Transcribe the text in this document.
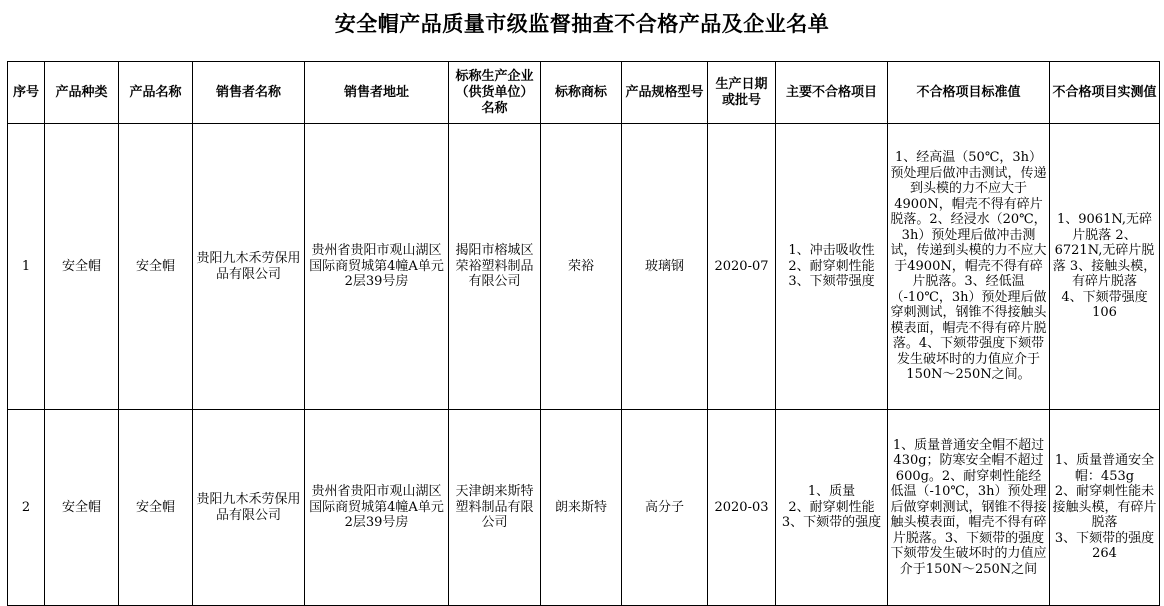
安全帽产品质量市级监督抽查不合格产品及企业名单
序号	产品种类	产品名称	销售者名称	销售者地址	标称生产企业（供货单位）名称	标称商标	产品规格型号	生产日期或批号	主要不合格项目	不合格项目标准值	不合格项目实测值
1	安全帽	安全帽	贵阳九木禾劳保用品有限公司	贵州省贵阳市观山湖区国际商贸城第4幢A单元2层39号房	揭阳市榕城区荣裕塑料制品有限公司	荣裕	玻璃钢	2020-07	1、冲击吸收性
2、耐穿刺性能
3、下颏带强度	1、经高温（50℃，3h）预处理后做冲击测试，传递到头模的力不应大于4900N，帽壳不得有碎片脱落。2、经浸水（20℃，3h）预处理后做冲击测试，传递到头模的力不应大于4900N，帽壳不得有碎片脱落。3、经低温（-10℃，3h）预处理后做穿刺测试，钢锥不得接触头模表面，帽壳不得有碎片脱落。4、下颏带强度下颏带发生破坏时的力值应介于150N～250N之间。	1、9061N,无碎片脱落 2、6721N,无碎片脱落 3、接触头模，有碎片脱落
4、下颏带强度106
2	安全帽	安全帽	贵阳九木禾劳保用品有限公司	贵州省贵阳市观山湖区国际商贸城第4幢A单元2层39号房	天津朗来斯特塑料制品有限公司	朗来斯特	高分子	2020-03	1、质量
2、耐穿刺性能
3、下颏带的强度	1、质量普通安全帽不超过430g；防寒安全帽不超过600g。2、耐穿刺性能经低温（-10℃，3h）预处理后做穿刺测试，钢锥不得接触头模表面，帽壳不得有碎片脱落。3、下颏带的强度下颏带发生破坏时的力值应介于150N～250N之间	1、质量普通安全帽：453g
2、耐穿刺性能未接触头模，有碎片脱落
3、下颏带的强度264
